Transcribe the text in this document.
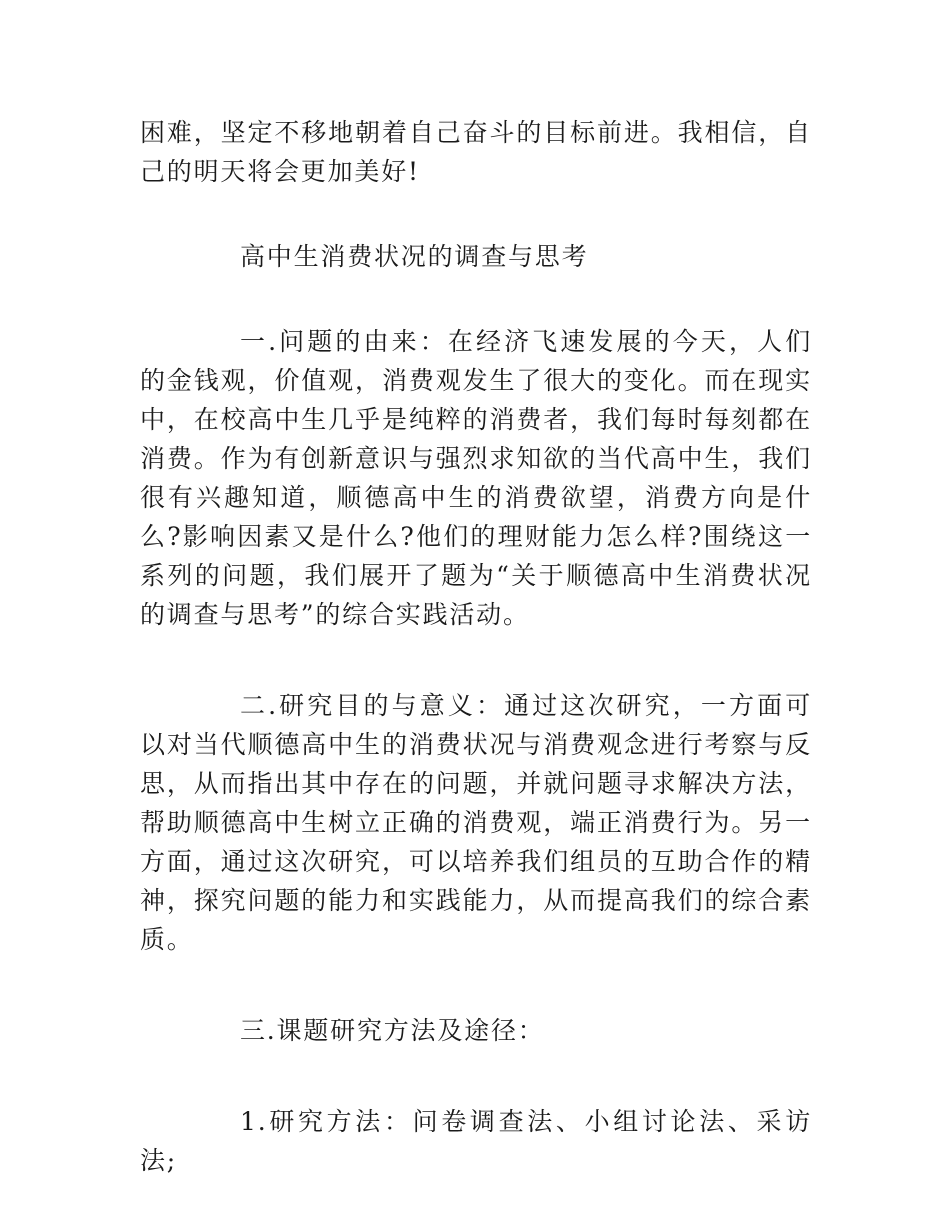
困难，坚定不移地朝着自己奋斗的目标前进。我相信，自己的明天将会更加美好!

高中生消费状况的调查与思考

一.问题的由来：在经济飞速发展的今天，人们的金钱观，价值观，消费观发生了很大的变化。而在现实中，在校高中生几乎是纯粹的消费者，我们每时每刻都在消费。作为有创新意识与强烈求知欲的当代高中生，我们很有兴趣知道，顺德高中生的消费欲望，消费方向是什么?影响因素又是什么?他们的理财能力怎么样?围绕这一系列的问题，我们展开了题为“关于顺德高中生消费状况的调查与思考”的综合实践活动。

二.研究目的与意义：通过这次研究，一方面可以对当代顺德高中生的消费状况与消费观念进行考察与反思，从而指出其中存在的问题，并就问题寻求解决方法，帮助顺德高中生树立正确的消费观，端正消费行为。另一方面，通过这次研究，可以培养我们组员的互助合作的精神，探究问题的能力和实践能力，从而提高我们的综合素质。

三.课题研究方法及途径：

1.研究方法：问卷调查法、小组讨论法、采访法;
